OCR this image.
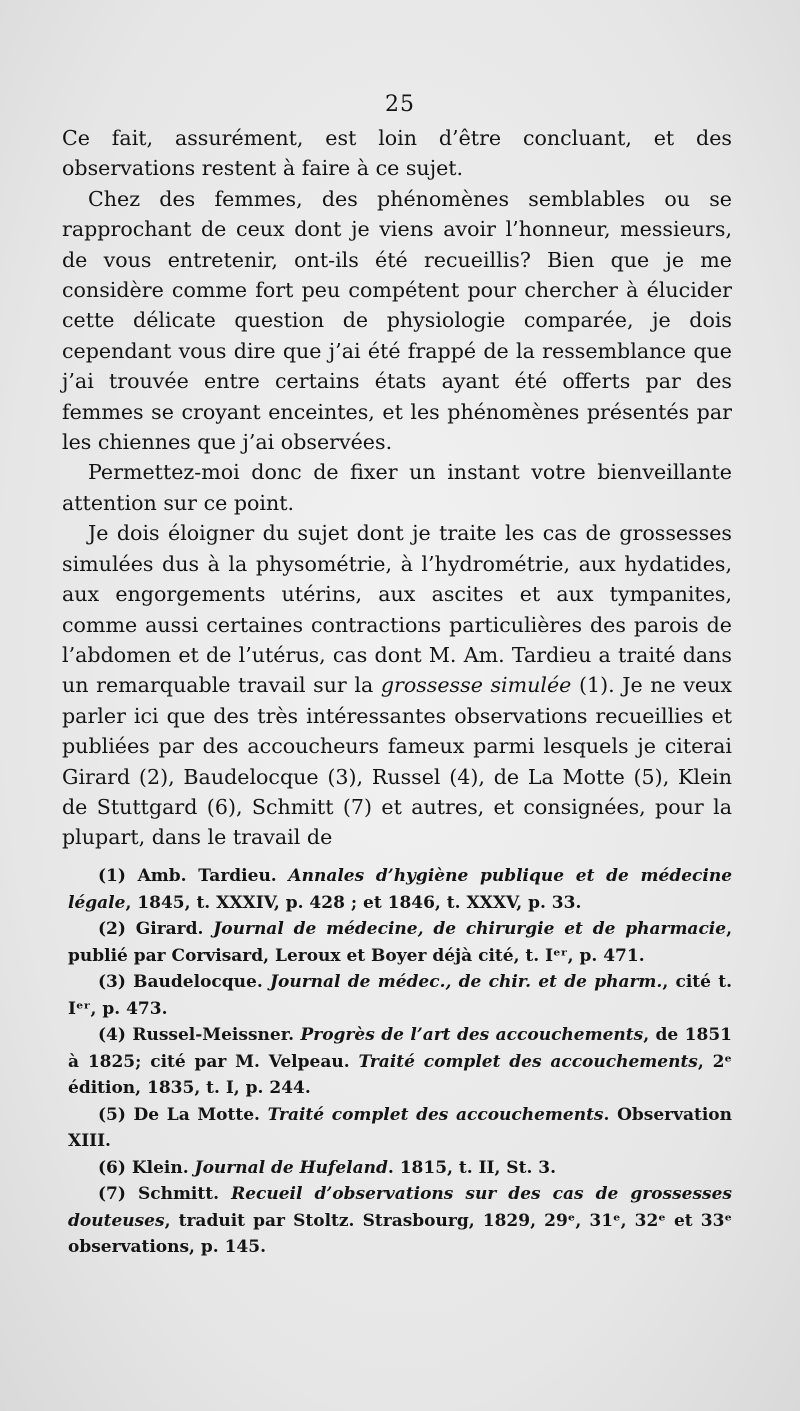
25

Ce fait, assurément, est loin d’être concluant, et des observations restent à faire à ce sujet.

Chez des femmes, des phénomènes semblables ou se rapprochant de ceux dont je viens avoir l’honneur, messieurs, de vous entretenir, ont-ils été recueillis? Bien que je me considère comme fort peu compétent pour chercher à élucider cette délicate question de physiologie comparée, je dois cependant vous dire que j’ai été frappé de la ressemblance que j’ai trouvée entre certains états ayant été offerts par des femmes se croyant enceintes, et les phénomènes présentés par les chiennes que j’ai observées.

Permettez-moi donc de fixer un instant votre bienveillante attention sur ce point.

Je dois éloigner du sujet dont je traite les cas de grossesses simulées dus à la physométrie, à l’hydrométrie, aux hydatides, aux engorgements utérins, aux ascites et aux tympanites, comme aussi certaines contractions particulières des parois de l’abdomen et de l’utérus, cas dont M. Am. Tardieu a traité dans un remarquable travail sur la grossesse simulée (1). Je ne veux parler ici que des très intéressantes observations recueillies et publiées par des accoucheurs fameux parmi lesquels je citerai Girard (2), Baudelocque (3), Russel (4), de La Motte (5), Klein de Stuttgard (6), Schmitt (7) et autres, et consignées, pour la plupart, dans le travail de

(1) Amb. Tardieu. Annales d’hygiène publique et de médecine légale, 1845, t. XXXIV, p. 428 ; et 1846, t. XXXV, p. 33.

(2) Girard. Journal de médecine, de chirurgie et de pharmacie, publié par Corvisard, Leroux et Boyer déjà cité, t. Iᵉʳ, p. 471.

(3) Baudelocque. Journal de médec., de chir. et de pharm., cité t. Iᵉʳ, p. 473.

(4) Russel-Meissner. Progrès de l’art des accouchements, de 1851 à 1825; cité par M. Velpeau. Traité complet des accouchements, 2ᵉ édition, 1835, t. I, p. 244.

(5) De La Motte. Traité complet des accouchements. Observation XIII.

(6) Klein. Journal de Hufeland. 1815, t. II, St. 3.

(7) Schmitt. Recueil d’observations sur des cas de grossesses douteuses, traduit par Stoltz. Strasbourg, 1829, 29ᵉ, 31ᵉ, 32ᵉ et 33ᵉ observations, p. 145.
